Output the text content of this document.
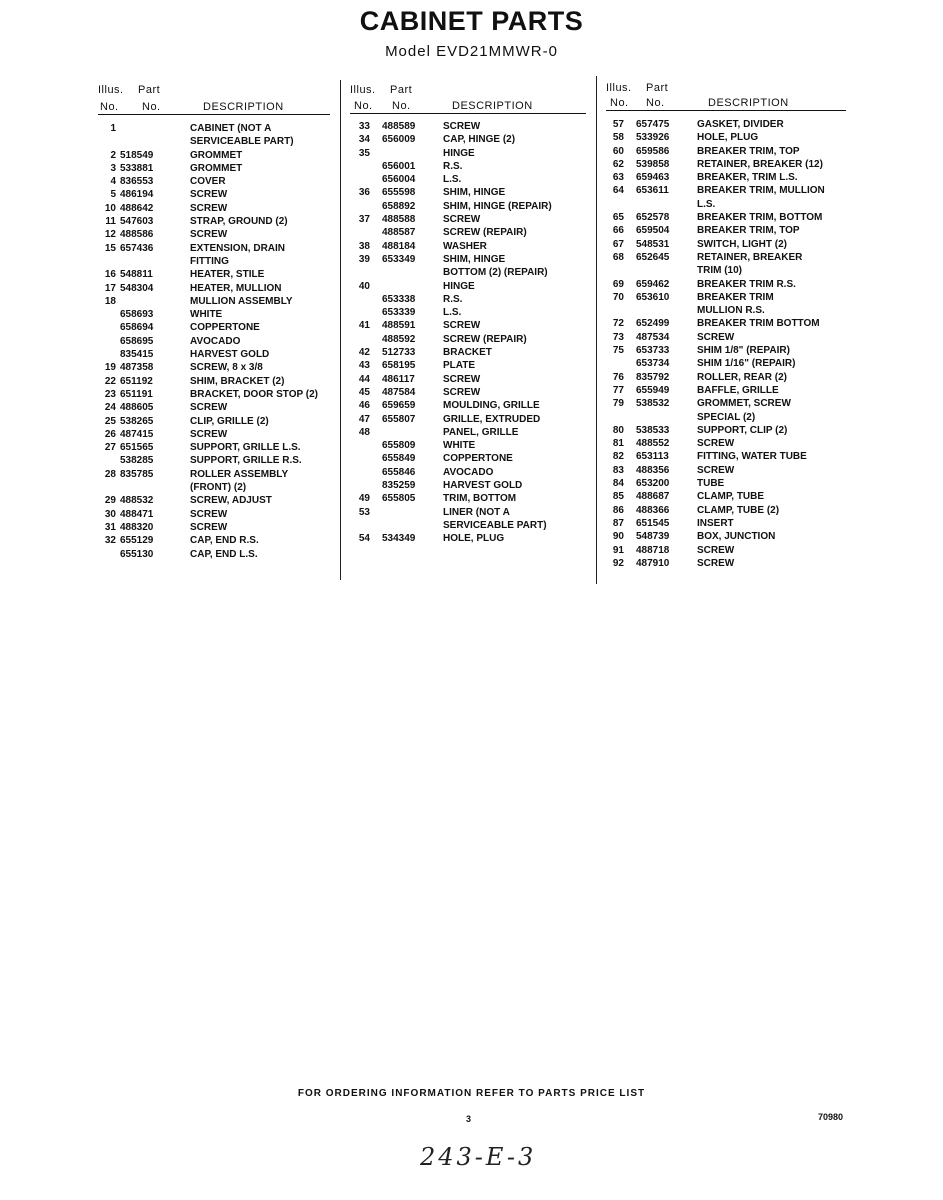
CABINET PARTS
Model EVD21MMWR-0
Illus. Part
No. No.	DESCRIPTION
1	CABINET (NOT A
SERVICEABLE PART)
2 518549	GROMMET
3 533881	GROMMET
4 836553	COVER
5 486194	SCREW
10 488642	SCREW
11 547603	STRAP, GROUND (2)
12 488586	SCREW
15 657436	EXTENSION, DRAIN
FITTING
16 548811	HEATER, STILE
17 548304	HEATER, MULLION
18	MULLION ASSEMBLY
658693	WHITE
658694	COPPERTONE
658695	AVOCADO
835415	HARVEST GOLD
19 487358	SCREW, 8 x 3/8
22 651192	SHIM, BRACKET (2)
23 651191	BRACKET, DOOR STOP (2)
24 488605	SCREW
25 538265	CLIP, GRILLE (2)
26 487415	SCREW
27 651565	SUPPORT, GRILLE L.S.
538285	SUPPORT, GRILLE R.S.
28 835785	ROLLER ASSEMBLY
(FRONT) (2)
29 488532	SCREW, ADJUST
30 488471	SCREW
31 488320	SCREW
32 655129	CAP, END R.S.
655130	CAP, END L.S.
Illus. Part
No. No.	DESCRIPTION
33 488589	SCREW
34 656009	CAP, HINGE (2)
35	HINGE
656001	R.S.
656004	L.S.
36 655598	SHIM, HINGE
658892	SHIM, HINGE (REPAIR)
37 488588	SCREW
488587	SCREW (REPAIR)
38 488184	WASHER
39 653349	SHIM, HINGE
BOTTOM (2) (REPAIR)
40	HINGE
653338	R.S.
653339	L.S.
41 488591	SCREW
488592	SCREW (REPAIR)
42 512733	BRACKET
43 658195	PLATE
44 486117	SCREW
45 487584	SCREW
46 659659	MOULDING, GRILLE
47 655807	GRILLE, EXTRUDED
48	PANEL, GRILLE
655809	WHITE
655849	COPPERTONE
655846	AVOCADO
835259	HARVEST GOLD
49 655805	TRIM, BOTTOM
53	LINER (NOT A
SERVICEABLE PART)
54 534349	HOLE, PLUG
Illus. Part
No. No.	DESCRIPTION
57 657475	GASKET, DIVIDER
58 533926	HOLE, PLUG
60 659586	BREAKER TRIM, TOP
62 539858	RETAINER, BREAKER (12)
63 659463	BREAKER, TRIM L.S.
64 653611	BREAKER TRIM, MULLION
L.S.
65 652578	BREAKER TRIM, BOTTOM
66 659504	BREAKER TRIM, TOP
67 548531	SWITCH, LIGHT (2)
68 652645	RETAINER, BREAKER
TRIM (10)
69 659462	BREAKER TRIM R.S.
70 653610	BREAKER TRIM
MULLION R.S.
72 652499	BREAKER TRIM BOTTOM
73 487534	SCREW
75 653733	SHIM 1/8" (REPAIR)
653734	SHIM 1/16" (REPAIR)
76 835792	ROLLER, REAR (2)
77 655949	BAFFLE, GRILLE
79 538532	GROMMET, SCREW
SPECIAL (2)
80 538533	SUPPORT, CLIP (2)
81 488552	SCREW
82 653113	FITTING, WATER TUBE
83 488356	SCREW
84 653200	TUBE
85 488687	CLAMP, TUBE
86 488366	CLAMP, TUBE (2)
87 651545	INSERT
90 548739	BOX, JUNCTION
91 488718	SCREW
92 487910	SCREW
FOR ORDERING INFORMATION REFER TO PARTS PRICE LIST
3	70980
243-E-3
